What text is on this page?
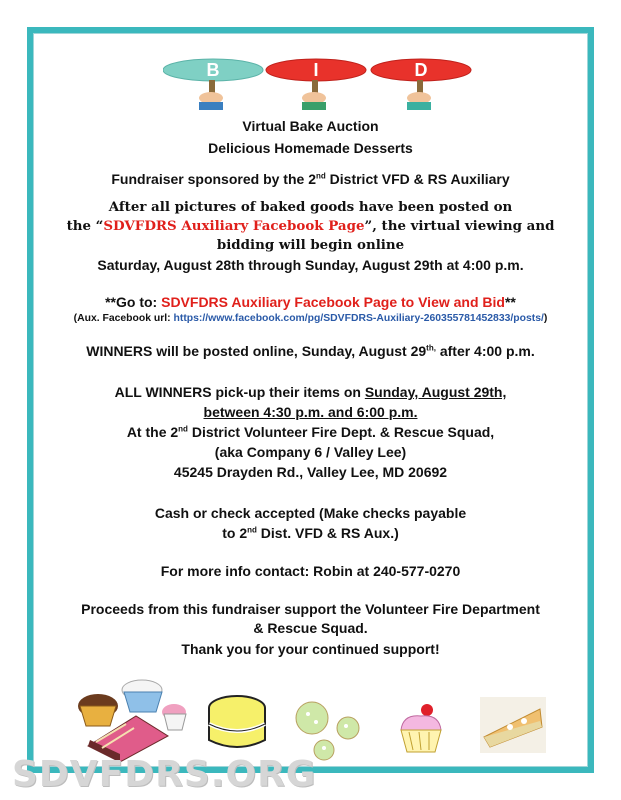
B	I	D
Virtual Bake Auction
Delicious Homemade Desserts
Fundraiser sponsored by the 2nd District VFD & RS Auxiliary
After all pictures of baked goods have been posted on
the “SDVFDRS Auxiliary Facebook Page”, the virtual viewing and
bidding will begin online
Saturday, August 28th through Sunday, August 29th at 4:00 p.m.
**Go to: SDVFDRS Auxiliary Facebook Page to View and Bid**
(Aux. Facebook url: https://www.facebook.com/pg/SDVFDRS-Auxiliary-260355781452833/posts/)
WINNERS will be posted online, Sunday, August $29^{th,}$ after 4:00 p.m.
ALL WINNERS pick-up their items on Sunday, August 29th,
between 4:30 p.m. and 6:00 p.m.
At the 2nd District Volunteer Fire Dept. & Rescue Squad,
(aka Company 6 / Valley Lee)
45245 Drayden Rd., Valley Lee, MD 20692
Cash or check accepted (Make checks payable
to 2nd Dist. VFD & RS Aux.)
For more info contact: Robin at 240-577-0270
Proceeds from this fundraiser support the Volunteer Fire Department
& Rescue Squad.
Thank you for your continued support!
SDVFDRS.ORG
